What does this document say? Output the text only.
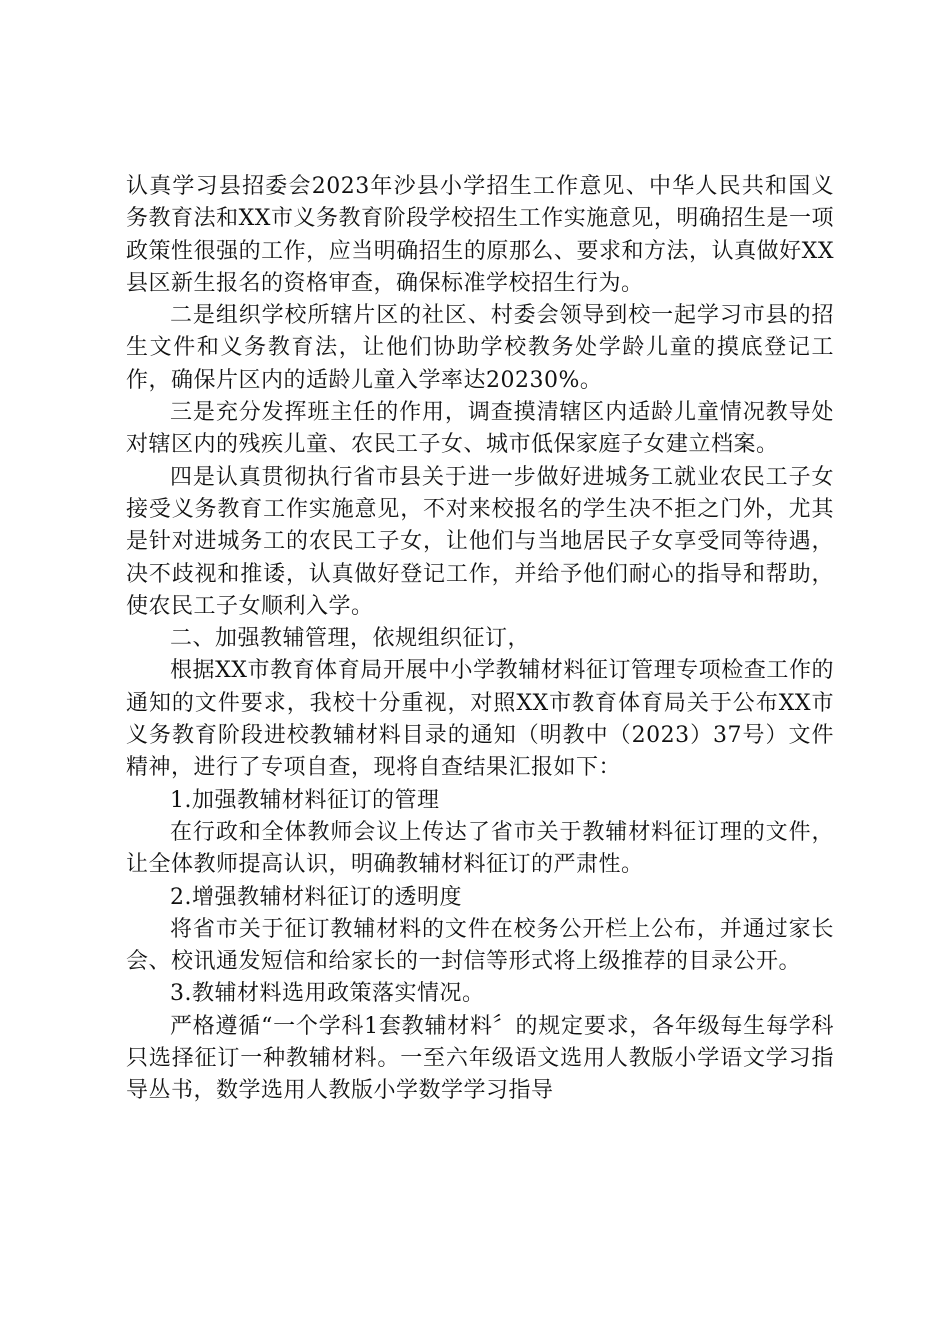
认真学习县招委会2023年沙县小学招生工作意见、中华人民共和国义务教育法和XX市义务教育阶段学校招生工作实施意见，明确招生是一项政策性很强的工作，应当明确招生的原那么、要求和方法，认真做好XX县区新生报名的资格审查，确保标准学校招生行为。

二是组织学校所辖片区的社区、村委会领导到校一起学习市县的招生文件和义务教育法，让他们协助学校教务处学龄儿童的摸底登记工作，确保片区内的适龄儿童入学率达20230%。

三是充分发挥班主任的作用，调查摸清辖区内适龄儿童情况教导处对辖区内的残疾儿童、农民工子女、城市低保家庭子女建立档案。

四是认真贯彻执行省市县关于进一步做好进城务工就业农民工子女接受义务教育工作实施意见，不对来校报名的学生决不拒之门外，尤其是针对进城务工的农民工子女，让他们与当地居民子女享受同等待遇，决不歧视和推诿，认真做好登记工作，并给予他们耐心的指导和帮助，使农民工子女顺利入学。

二、加强教辅管理，依规组织征订，

根据XX市教育体育局开展中小学教辅材料征订管理专项检查工作的通知的文件要求，我校十分重视，对照XX市教育体育局关于公布XX市义务教育阶段进校教辅材料目录的通知（明教中（2023）37号）文件精神，进行了专项自查，现将自查结果汇报如下：

1.加强教辅材料征订的管理

在行政和全体教师会议上传达了省市关于教辅材料征订理的文件，让全体教师提高认识，明确教辅材料征订的严肃性。

2.增强教辅材料征订的透明度

将省市关于征订教辅材料的文件在校务公开栏上公布，并通过家长会、校讯通发短信和给家长的一封信等形式将上级推荐的目录公开。

3.教辅材料选用政策落实情况。

严格遵循“一个学科1套教辅材料〞的规定要求，各年级每生每学科只选择征订一种教辅材料。一至六年级语文选用人教版小学语文学习指导丛书，数学选用人教版小学数学学习指导
